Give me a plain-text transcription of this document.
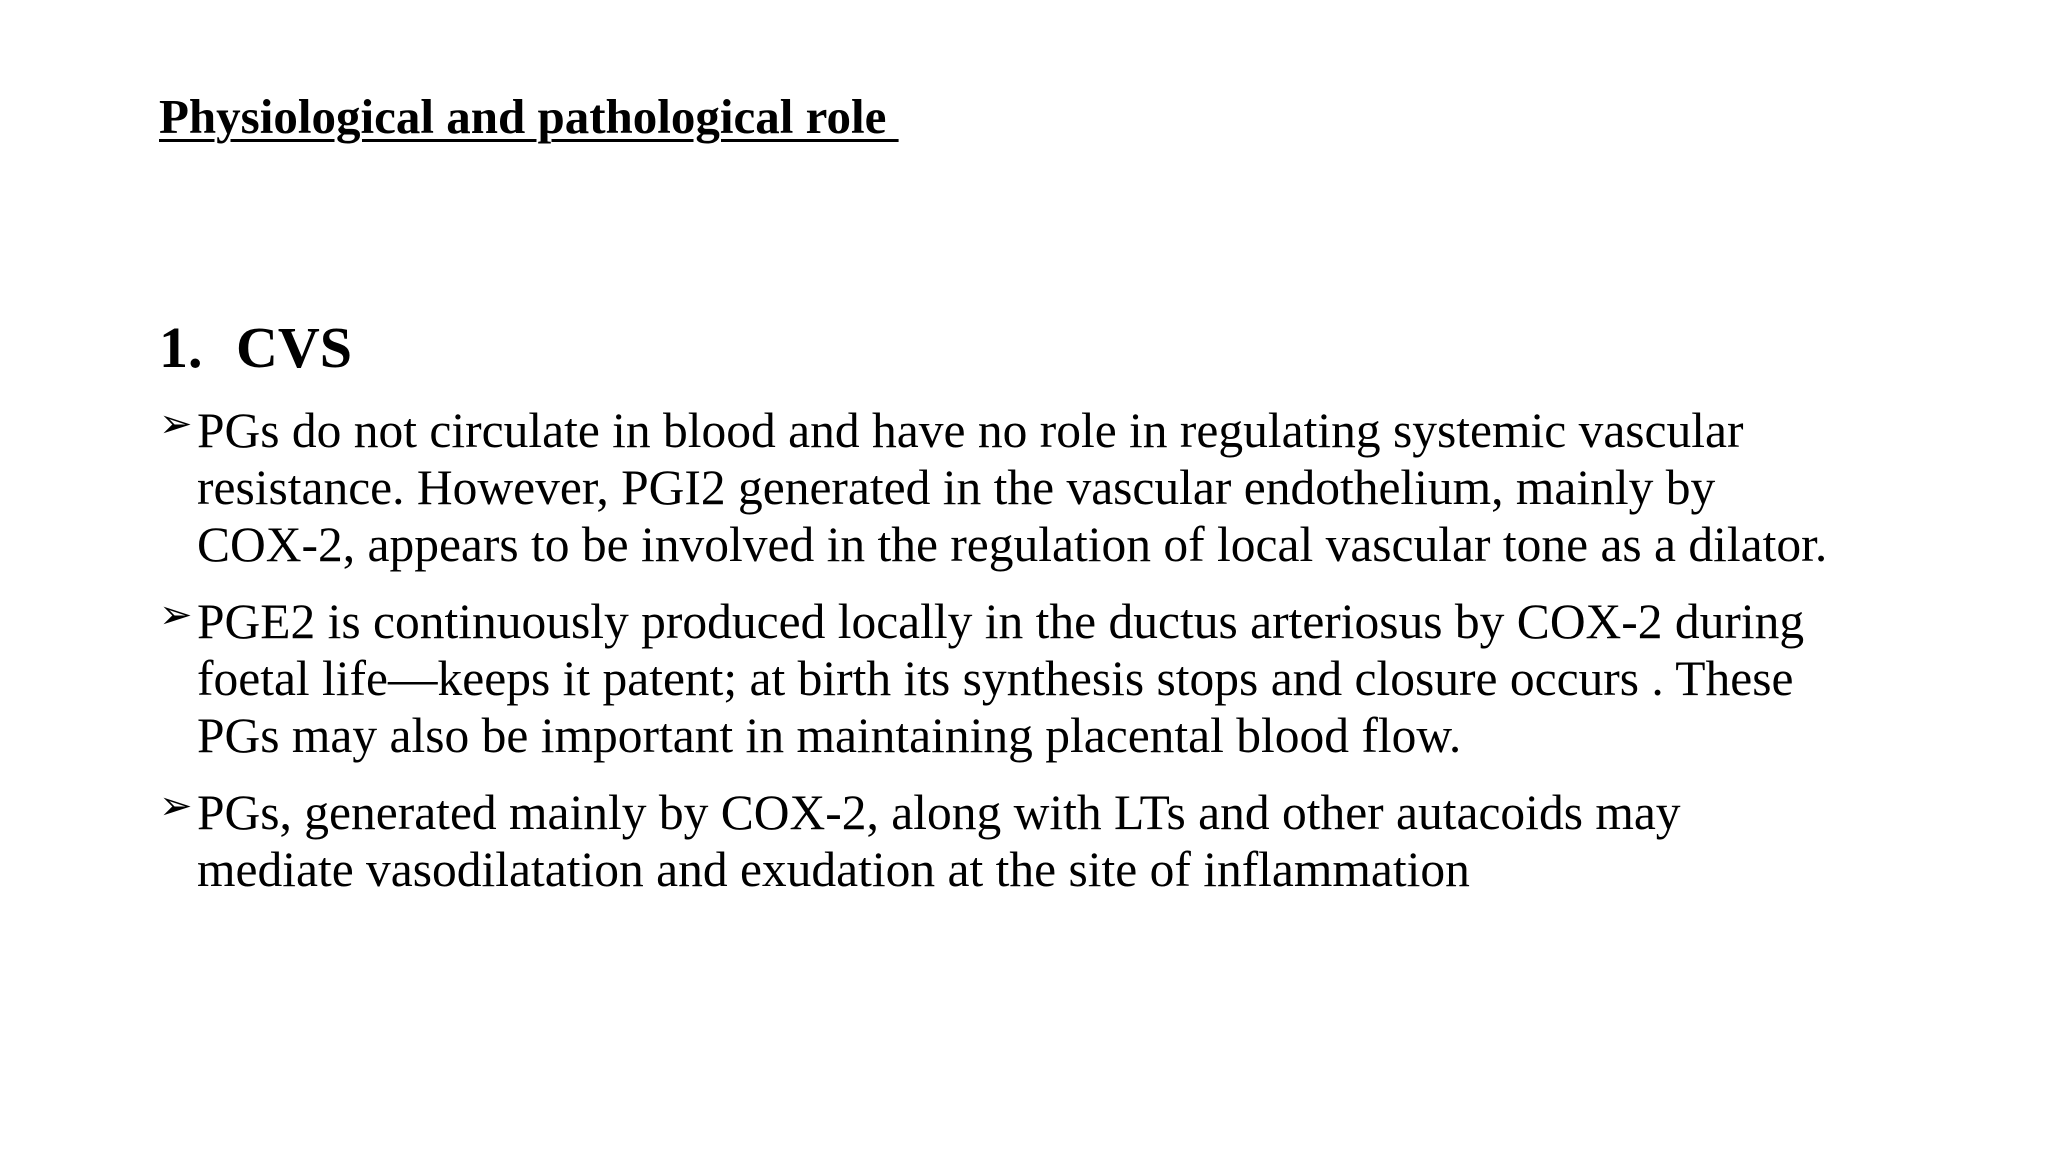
Physiological and pathological role
1. CVS
➢ PGs do not circulate in blood and have no role in regulating systemic vascular
resistance. However, PGI2 generated in the vascular endothelium, mainly by
COX-2, appears to be involved in the regulation of local vascular tone as a dilator.
➢ PGE2 is continuously produced locally in the ductus arteriosus by COX-2 during
foetal life—keeps it patent; at birth its synthesis stops and closure occurs . These
PGs may also be important in maintaining placental blood flow.
➢ PGs, generated mainly by COX-2, along with LTs and other autacoids may
mediate vasodilatation and exudation at the site of inflammation
